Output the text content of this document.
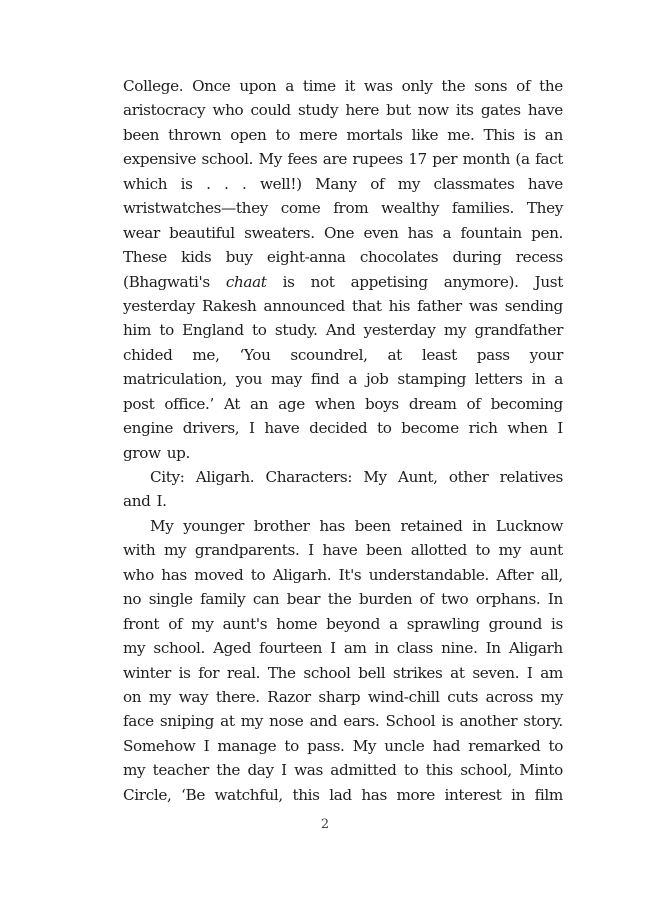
College. Once upon a time it was only the sons of the
aristocracy who could study here but now its gates have
been thrown open to mere mortals like me. This is an
expensive school. My fees are rupees 17 per month (a fact
which is . . . well!) Many of my classmates have
wristwatches—they come from wealthy families. They
wear beautiful sweaters. One even has a fountain pen.
These kids buy eight-anna chocolates during recess
(Bhagwati's chaat is not appetising anymore). Just
yesterday Rakesh announced that his father was sending
him to England to study. And yesterday my grandfather
chided me, ‘You scoundrel, at least pass your
matriculation, you may find a job stamping letters in a
post office.’ At an age when boys dream of becoming
engine drivers, I have decided to become rich when I
grow up.
City: Aligarh. Characters: My Aunt, other relatives
and I.
My younger brother has been retained in Lucknow
with my grandparents. I have been allotted to my aunt
who has moved to Aligarh. It's understandable. After all,
no single family can bear the burden of two orphans. In
front of my aunt's home beyond a sprawling ground is
my school. Aged fourteen I am in class nine. In Aligarh
winter is for real. The school bell strikes at seven. I am
on my way there. Razor sharp wind-chill cuts across my
face sniping at my nose and ears. School is another story.
Somehow I manage to pass. My uncle had remarked to
my teacher the day I was admitted to this school, Minto
Circle, ‘Be watchful, this lad has more interest in film
2
